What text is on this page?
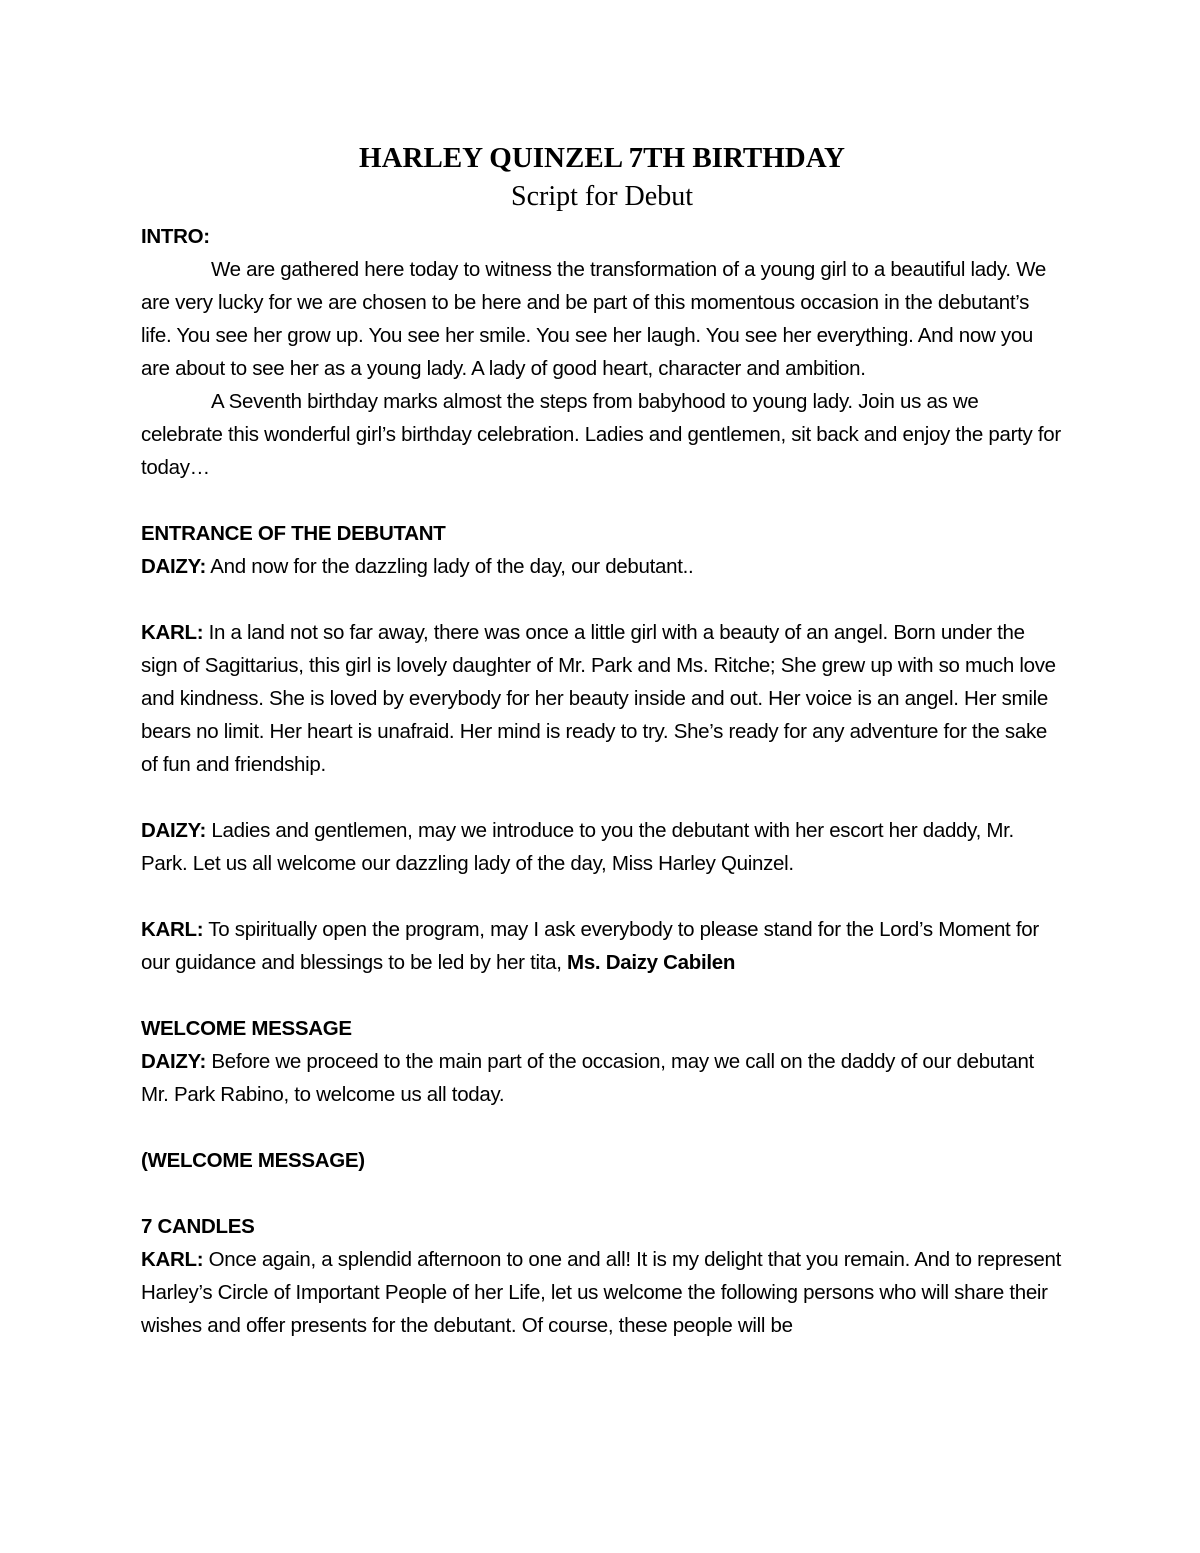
HARLEY QUINZEL 7TH BIRTHDAY
Script for Debut

INTRO:

We are gathered here today to witness the transformation of a young girl to a beautiful lady. We are very lucky for we are chosen to be here and be part of this momentous occasion in the debutant’s life. You see her grow up. You see her smile. You see her laugh. You see her everything. And now you are about to see her as a young lady. A lady of good heart, character and ambition.

A Seventh birthday marks almost the steps from babyhood to young lady. Join us as we celebrate this wonderful girl’s birthday celebration. Ladies and gentlemen, sit back and enjoy the party for today…

ENTRANCE OF THE DEBUTANT

DAIZY: And now for the dazzling lady of the day, our debutant..

KARL: In a land not so far away, there was once a little girl with a beauty of an angel. Born under the sign of Sagittarius, this girl is lovely daughter of Mr. Park and Ms. Ritche; She grew up with so much love and kindness. She is loved by everybody for her beauty inside and out. Her voice is an angel. Her smile bears no limit. Her heart is unafraid. Her mind is ready to try. She’s ready for any adventure for the sake of fun and friendship.

DAIZY: Ladies and gentlemen, may we introduce to you the debutant with her escort her daddy, Mr. Park. Let us all welcome our dazzling lady of the day, Miss Harley Quinzel.

KARL: To spiritually open the program, may I ask everybody to please stand for the Lord’s Moment for our guidance and blessings to be led by her tita, Ms. Daizy Cabilen

WELCOME MESSAGE

DAIZY: Before we proceed to the main part of the occasion, may we call on the daddy of our debutant Mr. Park Rabino, to welcome us all today.

(WELCOME MESSAGE)

7 CANDLES

KARL: Once again, a splendid afternoon to one and all! It is my delight that you remain. And to represent Harley’s Circle of Important People of her Life, let us welcome the following persons who will share their wishes and offer presents for the debutant. Of course, these people will be
